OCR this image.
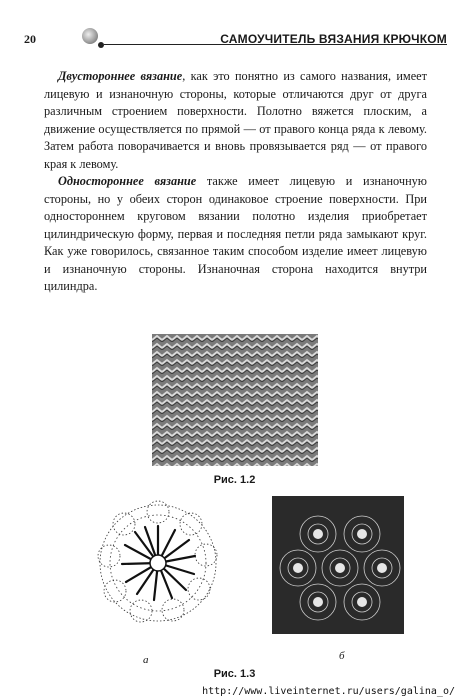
20	САМОУЧИТЕЛЬ ВЯЗАНИЯ КРЮЧКОМ

Двустороннее вязание, как это понятно из самого названия, имеет лицевую и изнаночную стороны, которые отличаются друг от друга различным строением поверхности. Полотно вяжется плоским, а движение осуществляется по прямой — от правого конца ряда к левому. Затем работа поворачивается и вновь провязывается ряд — от правого края к левому.

Одностороннее вязание также имеет лицевую и изнаночную стороны, но у обеих сторон одинаковое строение поверхности. При одностороннем круговом вязании полотно изделия приобретает цилиндрическую форму, первая и последняя петли ряда замыкают круг. Как уже говорилось, связанное таким способом изделие имеет лицевую и изнаночную стороны. Изнаночная сторона находится внутри цилиндра.

Рис. 1.2
а	б
Рис. 1.3
http://www.liveinternet.ru/users/galina_o/
